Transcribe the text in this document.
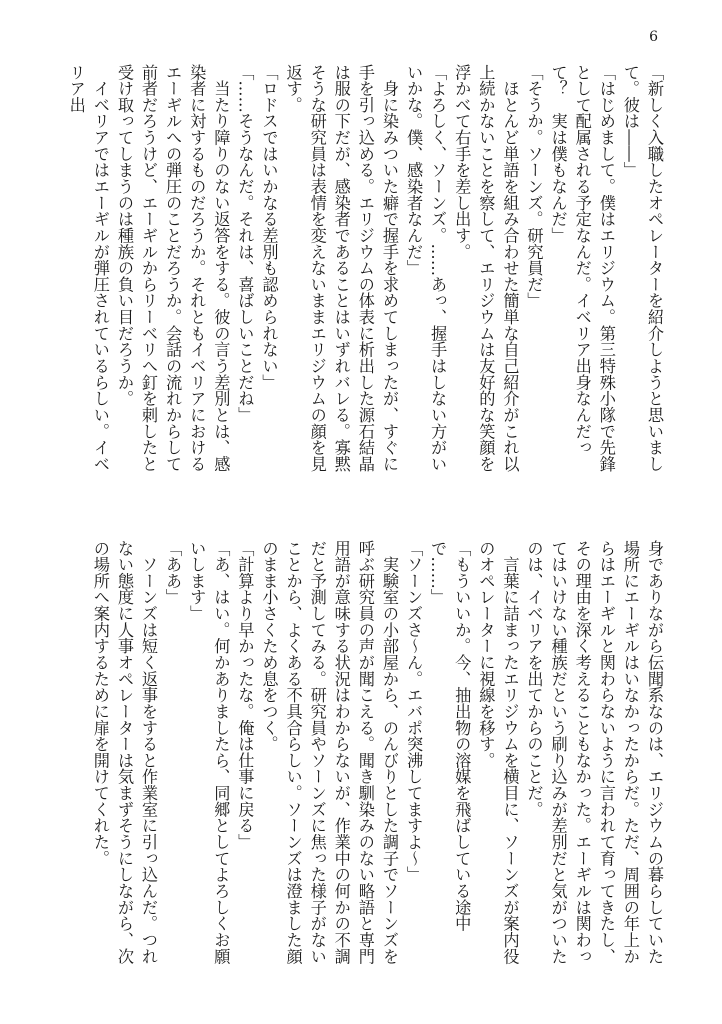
6

「新しく入職したオペレーターを紹介しようと思いまして。彼は――」

「はじめまして。僕はエリジウム。第三特殊小隊で先鋒として配属される予定なんだ。イベリア出身なんだって？　実は僕もなんだ」

「そうか。ソーンズ。研究員だ」

　ほとんど単語を組み合わせた簡単な自己紹介がこれ以上続かないことを察して、エリジウムは友好的な笑顔を浮かべて右手を差し出す。

「よろしく、ソーンズ。……あっ、握手はしない方がいいかな。僕、感染者なんだ」

　身に染みついた癖で握手を求めてしまったが、すぐに手を引っ込める。エリジウムの体表に析出した源石結晶は服の下だが、感染者であることはいずれバレる。寡黙そうな研究員は表情を変えないままエリジウムの顔を見返す。

「ロドスではいかなる差別も認められない」

「……そうなんだ。それは、喜ばしいことだね」

　当たり障りのない返答をする。彼の言う差別とは、感染者に対するものだろうか。それともイベリアにおけるエーギルへの弾圧のことだろうか。会話の流れからして前者だろうけど、エーギルからリーベリへ釘を刺したと受け取ってしまうのは種族の負い目だろうか。

　イベリアではエーギルが弾圧されているらしい。イベリア出

身でありながら伝聞系なのは、エリジウムの暮らしていた場所にエーギルはいなかったからだ。ただ、周囲の年上からはエーギルと関わらないように言われて育ってきたし、その理由を深く考えることもなかった。エーギルは関わってはいけない種族だという刷り込みが差別だと気がついたのは、イベリアを出てからのことだ。

　言葉に詰まったエリジウムを横目に、ソーンズが案内役のオペレーターに視線を移す。

「もういいか。今、抽出物の溶媒を飛ばしている途中で……」

「ソーンズさ～ん。エバポ突沸してますよ～」

　実験室の小部屋から、のんびりとした調子でソーンズを呼ぶ研究員の声が聞こえる。聞き馴染みのない略語と専門用語が意味する状況はわからないが、作業中の何かの不調だと予測してみる。研究員やソーンズに焦った様子がないことから、よくある不具合らしい。ソーンズは澄ました顔のまま小さくため息をつく。

「計算より早かったな。俺は仕事に戻る」

「あ、はい。何かありましたら、同郷としてよろしくお願いします」

「ああ」

　ソーンズは短く返事をすると作業室に引っ込んだ。つれない態度に人事オペレーターは気まずそうにしながら、次の場所へ案内するために扉を開けてくれた。
